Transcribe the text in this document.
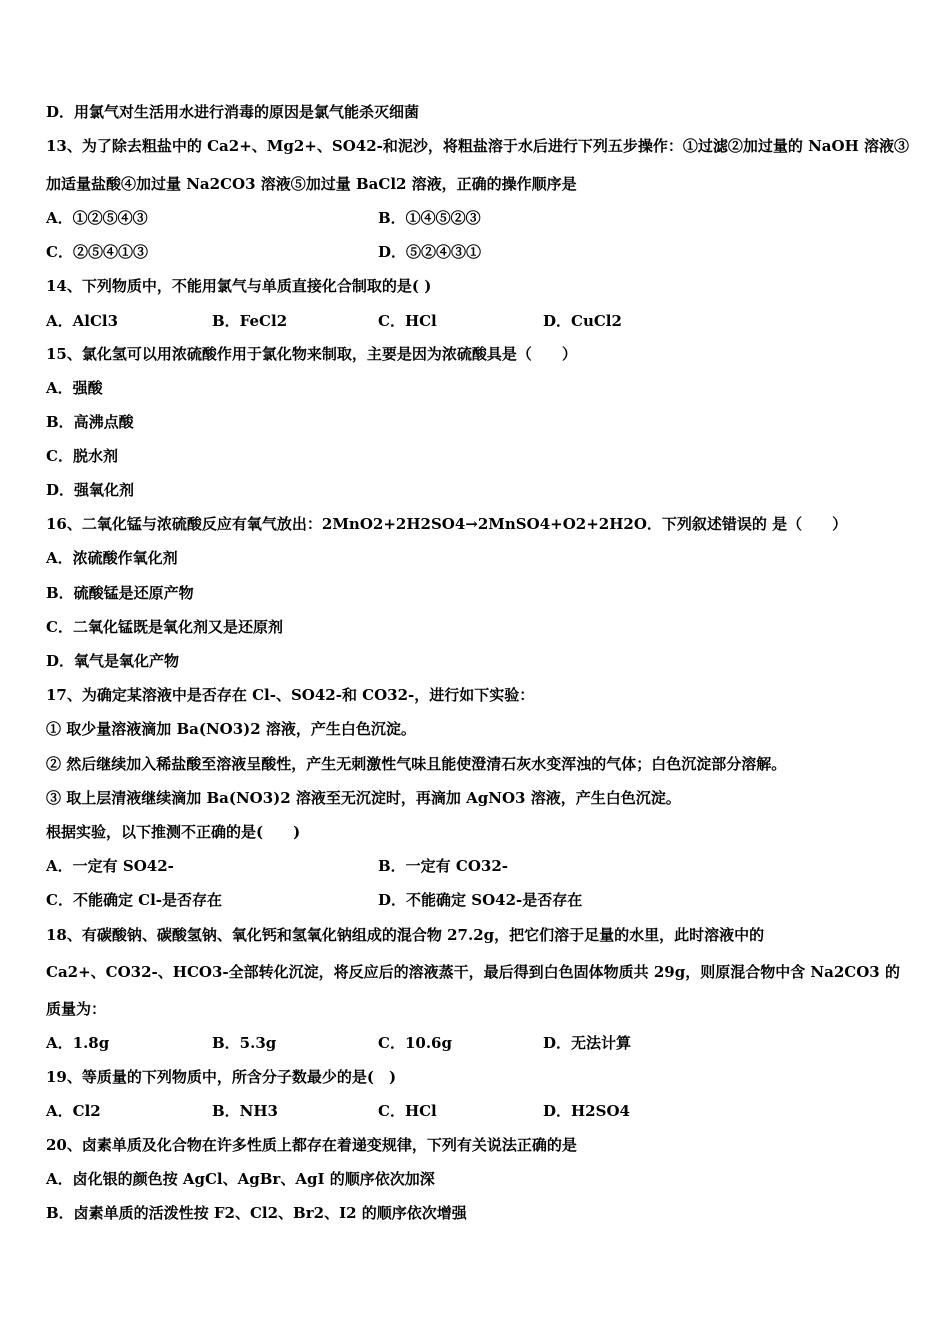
D．用氯气对生活用水进行消毒的原因是氯气能杀灭细菌
13、为了除去粗盐中的 Ca2+、Mg2+、SO42-和泥沙，将粗盐溶于水后进行下列五步操作：①过滤②加过量的 NaOH 溶液③
加适量盐酸④加过量 Na2CO3 溶液⑤加过量 BaCl2 溶液，正确的操作顺序是
A．①②⑤④③	B．①④⑤②③
C．②⑤④①③	D．⑤②④③①
14、下列物质中，不能用氯气与单质直接化合制取的是( )
A．AlCl3	B．FeCl2	C．HCl	D．CuCl2
15、氯化氢可以用浓硫酸作用于氯化物来制取，主要是因为浓硫酸具是（　　）
A．强酸
B．高沸点酸
C．脱水剂
D．强氧化剂
16、二氧化锰与浓硫酸反应有氧气放出：2MnO2+2H2SO4→2MnSO4+O2+2H2O．下列叙述错误的 是（　　）
A．浓硫酸作氧化剂
B．硫酸锰是还原产物
C．二氧化锰既是氧化剂又是还原剂
D．氧气是氧化产物
17、为确定某溶液中是否存在 Cl-、SO42-和 CO32-，进行如下实验：
① 取少量溶液滴加 Ba(NO3)2 溶液，产生白色沉淀。
② 然后继续加入稀盐酸至溶液呈酸性，产生无刺激性气味且能使澄清石灰水变浑浊的气体；白色沉淀部分溶解。
③ 取上层清液继续滴加 Ba(NO3)2 溶液至无沉淀时，再滴加 AgNO3 溶液，产生白色沉淀。
根据实验，以下推测不正确的是(　　)
A．一定有 SO42-	B．一定有 CO32-
C．不能确定 Cl-是否存在	D．不能确定 SO42-是否存在
18、有碳酸钠、碳酸氢钠、氧化钙和氢氧化钠组成的混合物 27.2g，把它们溶于足量的水里，此时溶液中的
Ca2+、CO32-、HCO3-全部转化沉淀，将反应后的溶液蒸干，最后得到白色固体物质共 29g，则原混合物中含 Na2CO3 的
质量为：
A．1.8g	B．5.3g	C．10.6g	D．无法计算
19、等质量的下列物质中，所含分子数最少的是(　)
A．Cl2	B．NH3	C．HCl	D．H2SO4
20、卤素单质及化合物在许多性质上都存在着递变规律，下列有关说法正确的是
A．卤化银的颜色按 AgCl、AgBr、AgI 的顺序依次加深
B．卤素单质的活泼性按 F2、Cl2、Br2、I2 的顺序依次增强
